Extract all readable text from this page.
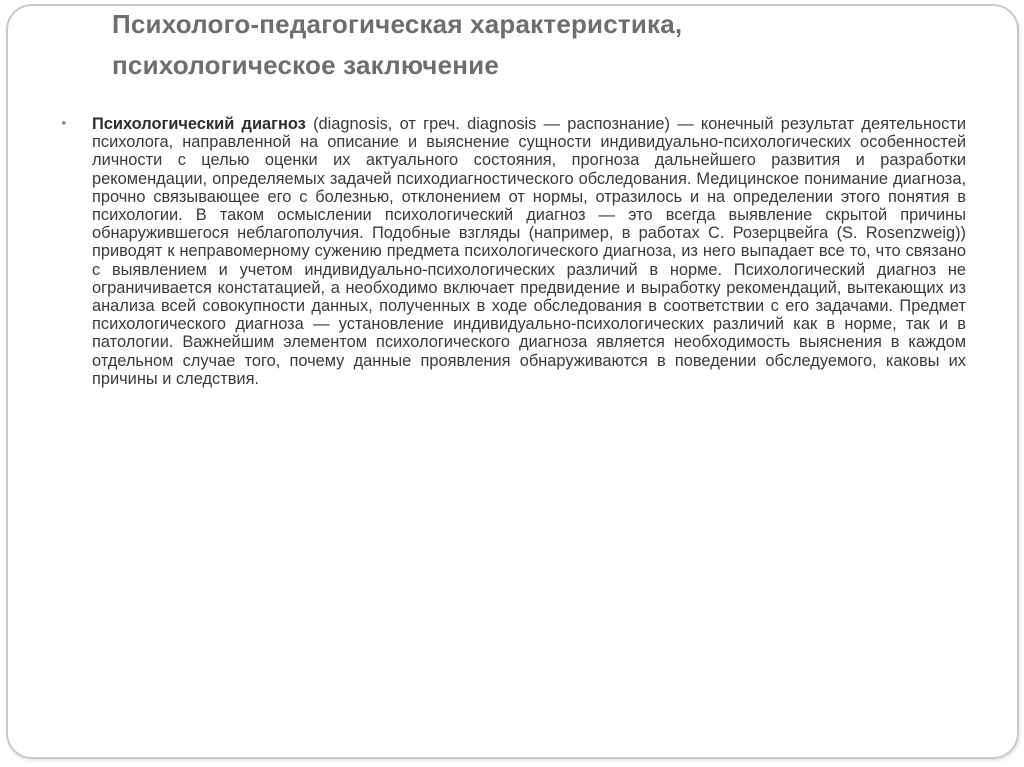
Психолого-педагогическая характеристика,
психологическое заключение
• Психологический диагноз (diagnosis, от греч. diagnosis — распознание) — конечный результат деятельности психолога, направленной на описание и выяснение сущности индивидуально-психологических особенностей личности с целью оценки их актуального состояния, прогноза дальнейшего развития и разработки рекомендации, определяемых задачей психодиагностического обследования. Медицинское понимание диагноза, прочно связывающее его с болезнью, отклонением от нормы, отразилось и на определении этого понятия в психологии. В таком осмыслении психологический диагноз — это всегда выявление скрытой причины обнаружившегося неблагополучия. Подобные взгляды (например, в работах С. Розерцвейга (S. Rosenzweig)) приводят к неправомерному сужению предмета психологического диагноза, из него выпадает все то, что связано с выявлением и учетом индивидуально-психологических различий в норме. Психологический диагноз не ограничивается констатацией, а необходимо включает предвидение и выработку рекомендаций, вытекающих из анализа всей совокупности данных, полученных в ходе обследования в соответствии с его задачами. Предмет психологического диагноза — установление индивидуально-психологических различий как в норме, так и в патологии. Важнейшим элементом психологического диагноза является необходимость выяснения в каждом отдельном случае того, почему данные проявления обнаруживаются в поведении обследуемого, каковы их причины и следствия.
